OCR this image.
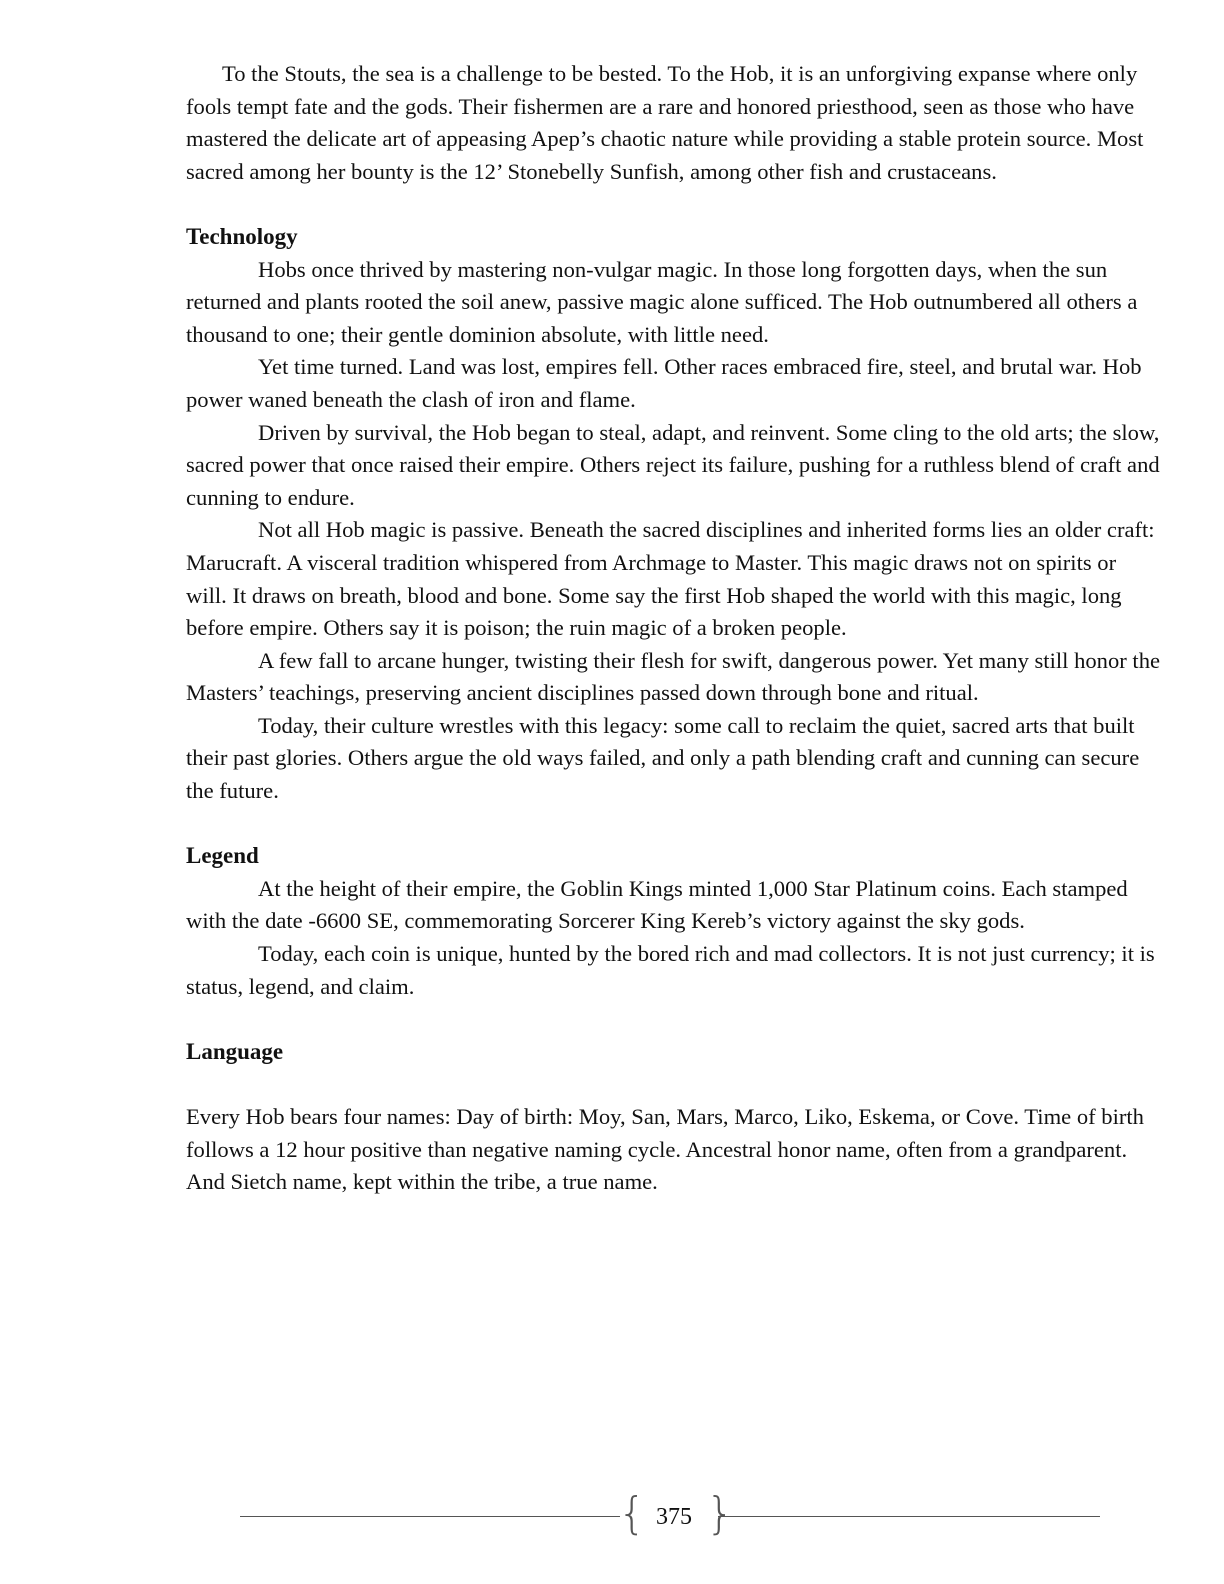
To the Stouts, the sea is a challenge to be bested. To the Hob, it is an unforgiving expanse where only fools tempt fate and the gods. Their fishermen are a rare and honored priesthood, seen as those who have mastered the delicate art of appeasing Apep’s chaotic nature while providing a stable protein source. Most sacred among her bounty is the 12’ Stonebelly Sunfish, among other fish and crustaceans.

Technology

Hobs once thrived by mastering non-vulgar magic. In those long forgotten days, when the sun returned and plants rooted the soil anew, passive magic alone sufficed. The Hob outnumbered all others a thousand to one; their gentle dominion absolute, with little need.

Yet time turned. Land was lost, empires fell. Other races embraced fire, steel, and brutal war. Hob power waned beneath the clash of iron and flame.

Driven by survival, the Hob began to steal, adapt, and reinvent. Some cling to the old arts; the slow, sacred power that once raised their empire. Others reject its failure, pushing for a ruthless blend of craft and cunning to endure.

Not all Hob magic is passive. Beneath the sacred disciplines and inherited forms lies an older craft: Marucraft. A visceral tradition whispered from Archmage to Master. This magic draws not on spirits or will. It draws on breath, blood and bone. Some say the first Hob shaped the world with this magic, long before empire. Others say it is poison; the ruin magic of a broken people.

A few fall to arcane hunger, twisting their flesh for swift, dangerous power. Yet many still honor the Masters’ teachings, preserving ancient disciplines passed down through bone and ritual.

Today, their culture wrestles with this legacy: some call to reclaim the quiet, sacred arts that built their past glories. Others argue the old ways failed, and only a path blending craft and cunning can secure the future.

Legend

At the height of their empire, the Goblin Kings minted 1,000 Star Platinum coins. Each stamped with the date -6600 SE, commemorating Sorcerer King Kereb’s victory against the sky gods.

Today, each coin is unique, hunted by the bored rich and mad collectors. It is not just currency; it is status, legend, and claim.

Language

Every Hob bears four names: Day of birth: Moy, San, Mars, Marco, Liko, Eskema, or Cove. Time of birth follows a 12 hour positive than negative naming cycle. Ancestral honor name, often from a grandparent. And Sietch name, kept within the tribe, a true name.

{ 375 }
